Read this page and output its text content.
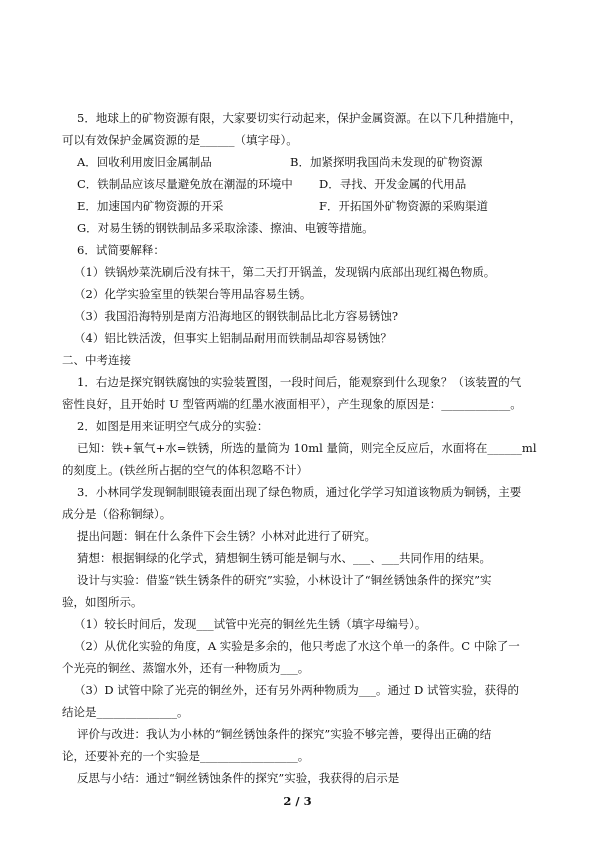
5．地球上的矿物资源有限，大家要切实行动起来，保护金属资源。在以下几种措施中，
可以有效保护金属资源的是______（填字母）。
A．回收利用废旧金属制品	B．加紧探明我国尚未发现的矿物资源
C．铁制品应该尽量避免放在潮湿的环境中 D．寻找、开发金属的代用品
E．加速国内矿物资源的开采	F．开拓国外矿物资源的采购渠道
G．对易生锈的钢铁制品多采取涂漆、擦油、电镀等措施。
6．试简要解释：
（1）铁锅炒菜洗刷后没有抹干，第二天打开锅盖，发现锅内底部出现红褐色物质。
（2）化学实验室里的铁架台等用品容易生锈。
（3）我国沿海特别是南方沿海地区的钢铁制品比北方容易锈蚀?
（4）铝比铁活泼，但事实上铝制品耐用而铁制品却容易锈蚀？
二、中考连接
1．右边是探究钢铁腐蚀的实验装置图，一段时间后，能观察到什么现象？（该装置的气
密性良好，且开始时 U 型管两端的红墨水液面相平），产生现象的原因是：____________。
2．如图是用来证明空气成分的实验：
已知：铁+氧气+水=铁锈，所选的量筒为 10ml 量筒，则完全反应后，水面将在______ml
的刻度上。(铁丝所占据的空气的体积忽略不计）
3．小林同学发现铜制眼镜表面出现了绿色物质，通过化学学习知道该物质为铜锈，主要
成分是（俗称铜绿）。
提出问题：铜在什么条件下会生锈？小林对此进行了研究。
猜想：根据铜绿的化学式，猜想铜生锈可能是铜与水、___、___共同作用的结果。
设计与实验：借鉴“铁生锈条件的研究”实验，小林设计了“铜丝锈蚀条件的探究”实
验，如图所示。
（1）较长时间后，发现___试管中光亮的铜丝先生锈（填字母编号）。
（2）从优化实验的角度，A 实验是多余的，他只考虑了水这个单一的条件。C 中除了一
个光亮的铜丝、蒸馏水外，还有一种物质为___。
（3）D 试管中除了光亮的铜丝外，还有另外两种物质为___。通过 D 试管实验，获得的
结论是______________。
评价与改进：我认为小林的“铜丝锈蚀条件的探究”实验不够完善，要得出正确的结
论，还要补充的一个实验是_________________。
反思与小结：通过“铜丝锈蚀条件的探究”实验，我获得的启示是
2 / 3
